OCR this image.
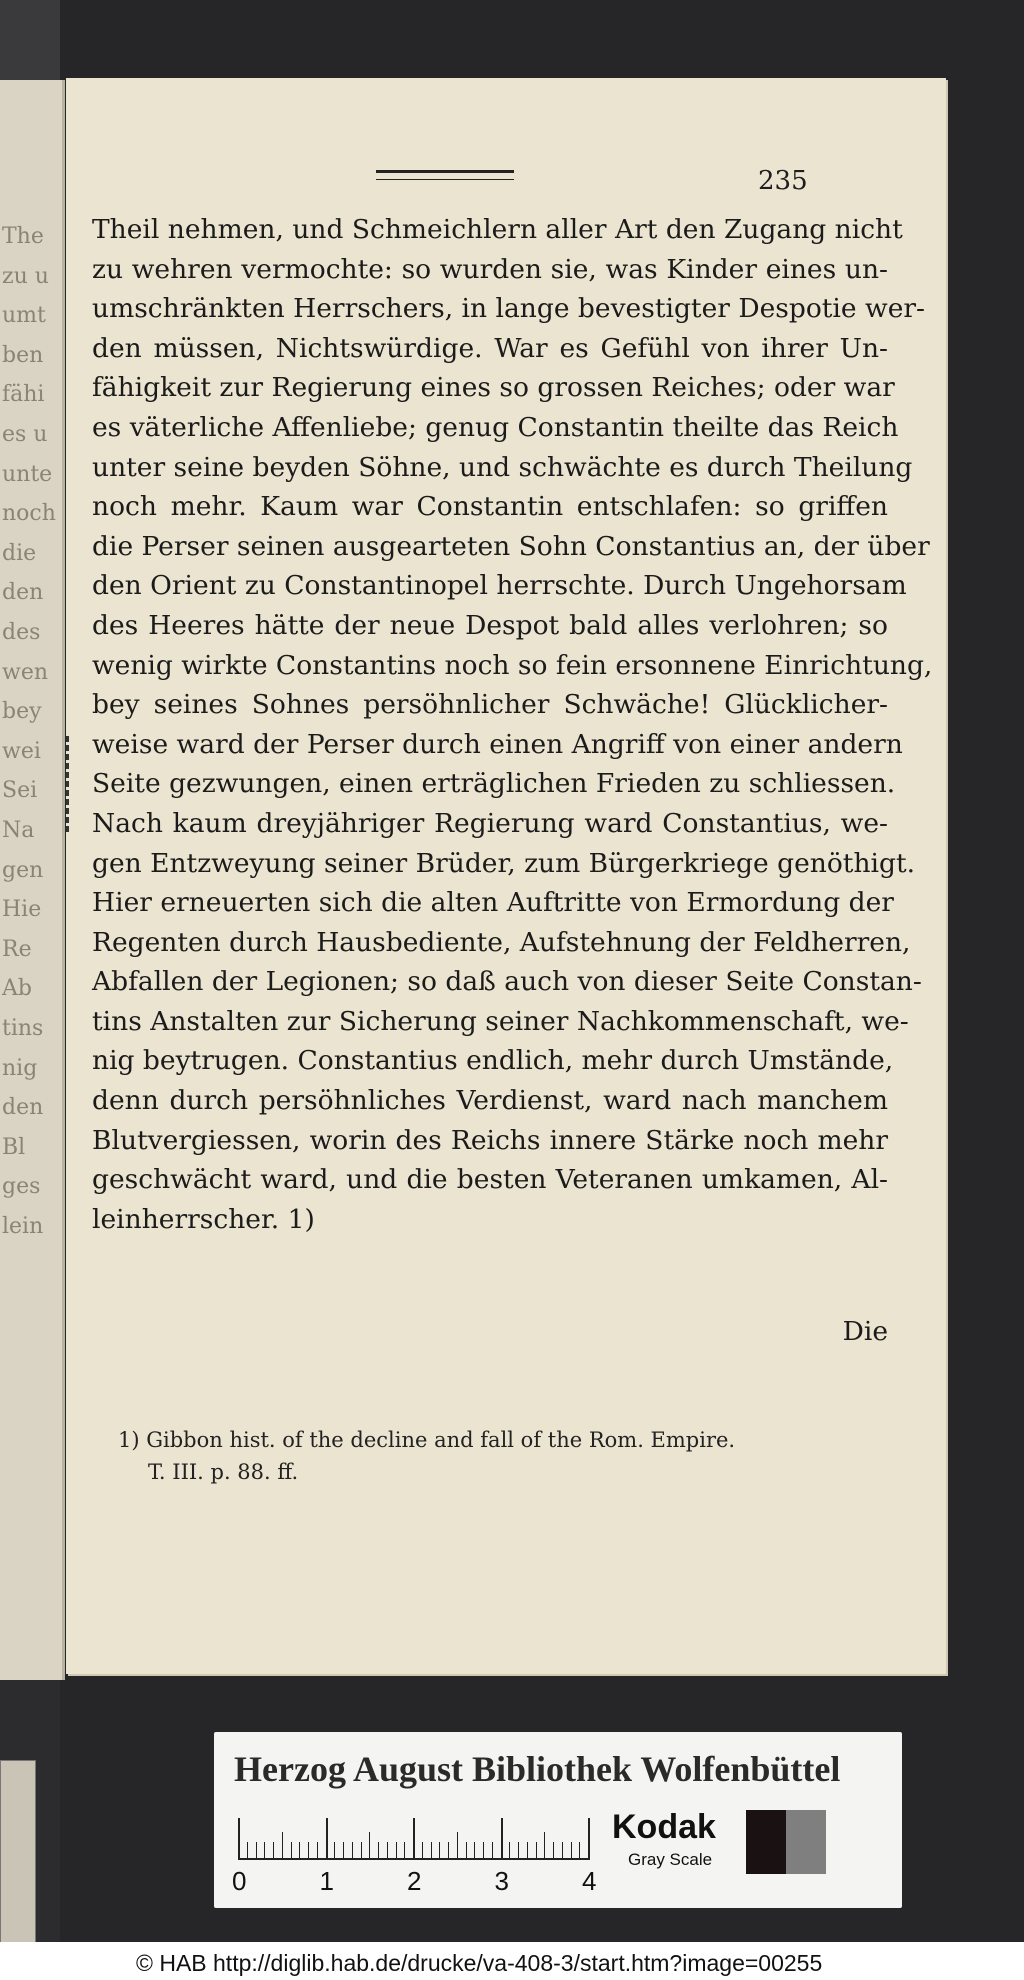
The
zu u
umt
ben
fähi
es u
unte
noch
die
den
des
wen
bey
wei
Sei
Na
gen
Hie
Re
Ab
tins
nig
den
Bl
ges
lein
235
Theil nehmen, und Schmeichlern aller Art den Zugang nicht
zu wehren vermochte: so wurden sie, was Kinder eines un-
umschränkten Herrschers, in lange bevestigter Despotie wer-
den müssen, Nichtswürdige. War es Gefühl von ihrer Un-
fähigkeit zur Regierung eines so grossen Reiches; oder war
es väterliche Affenliebe; genug Constantin theilte das Reich
unter seine beyden Söhne, und schwächte es durch Theilung
noch mehr. Kaum war Constantin entschlafen: so griffen
die Perser seinen ausgearteten Sohn Constantius an, der über
den Orient zu Constantinopel herrschte. Durch Ungehorsam
des Heeres hätte der neue Despot bald alles verlohren; so
wenig wirkte Constantins noch so fein ersonnene Einrichtung,
bey seines Sohnes persöhnlicher Schwäche! Glücklicher-
weise ward der Perser durch einen Angriff von einer andern
Seite gezwungen, einen erträglichen Frieden zu schliessen.
Nach kaum dreyjähriger Regierung ward Constantius, we-
gen Entzweyung seiner Brüder, zum Bürgerkriege genöthigt.
Hier erneuerten sich die alten Auftritte von Ermordung der
Regenten durch Hausbediente, Aufstehnung der Feldherren,
Abfallen der Legionen; so daß auch von dieser Seite Constan-
tins Anstalten zur Sicherung seiner Nachkommenschaft, we-
nig beytrugen. Constantius endlich, mehr durch Umstände,
denn durch persöhnliches Verdienst, ward nach manchem
Blutvergiessen, worin des Reichs innere Stärke noch mehr
geschwächt ward, und die besten Veteranen umkamen, Al-
leinherrscher. 1)
Die
1) Gibbon hist. of the decline and fall of the Rom. Empire.
T. III. p. 88. ff.
Herzog August Bibliothek Wolfenbüttel
0	1	2	3	4
Kodak
Gray Scale
© HAB http://diglib.hab.de/drucke/va-408-3/start.htm?image=00255
